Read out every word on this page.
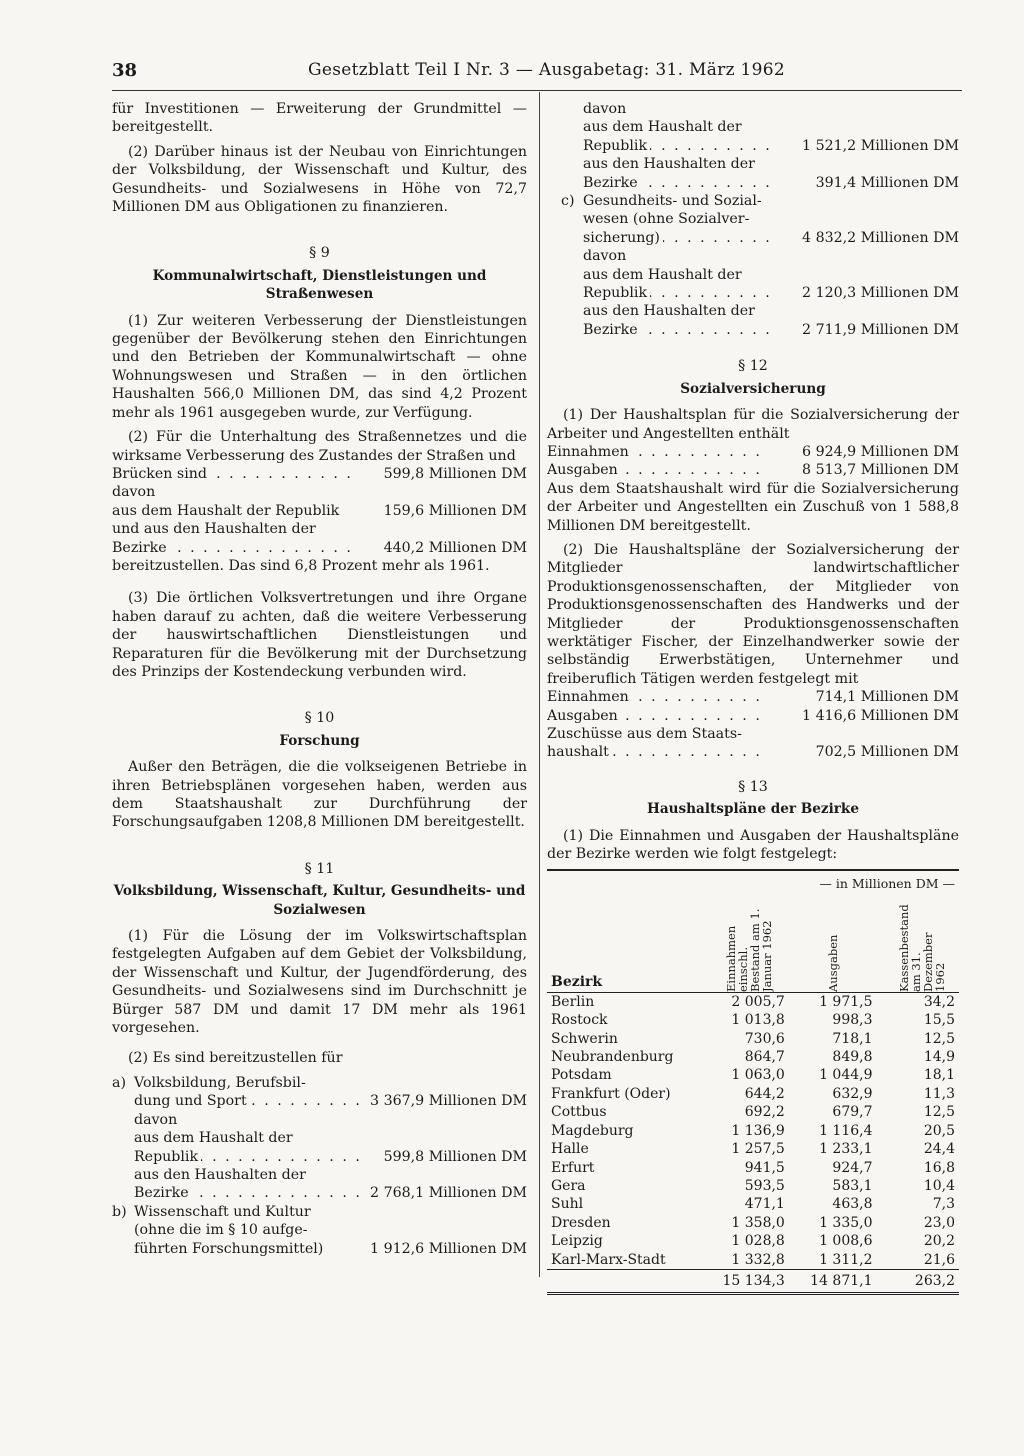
38	Gesetzblatt Teil I Nr. 3 — Ausgabetag: 31. März 1962

für Investitionen — Erweiterung der Grundmittel — bereitgestellt.

(2) Darüber hinaus ist der Neubau von Einrichtungen der Volksbildung, der Wissenschaft und Kultur, des Gesundheits- und Sozialwesens in Höhe von 72,7 Millionen DM aus Obligationen zu finanzieren.

§ 9
Kommunalwirtschaft, Dienstleistungen und Straßenwesen

(1) Zur weiteren Verbesserung der Dienstleistungen gegenüber der Bevölkerung stehen den Einrichtungen und den Betrieben der Kommunalwirtschaft — ohne Wohnungswesen und Straßen — in den örtlichen Haushalten 566,0 Millionen DM, das sind 4,2 Prozent mehr als 1961 ausgegeben wurde, zur Verfügung.

(2) Für die Unterhaltung des Straßennetzes und die wirksame Verbesserung des Zustandes der Straßen und

Brücken sind . . .	599,8 Millionen DM
davon
aus dem Haushalt der Republik	159,6 Millionen DM
und aus den Haushalten der
Bezirke . . .	440,2 Millionen DM

bereitzustellen. Das sind 6,8 Prozent mehr als 1961.

(3) Die örtlichen Volksvertretungen und ihre Organe haben darauf zu achten, daß die weitere Verbesserung der hauswirtschaftlichen Dienstleistungen und Reparaturen für die Bevölkerung mit der Durchsetzung des Prinzips der Kostendeckung verbunden wird.

§ 10
Forschung

Außer den Beträgen, die die volkseigenen Betriebe in ihren Betriebsplänen vorgesehen haben, werden aus dem Staatshaushalt zur Durchführung der Forschungsaufgaben 1208,8 Millionen DM bereitgestellt.

§ 11
Volksbildung, Wissenschaft, Kultur, Gesundheits- und Sozialwesen

(1) Für die Lösung der im Volkswirtschaftsplan festgelegten Aufgaben auf dem Gebiet der Volksbildung, der Wissenschaft und Kultur, der Jugendförderung, des Gesundheits- und Sozialwesens sind im Durchschnitt je Bürger 587 DM und damit 17 DM mehr als 1961 vorgesehen.

(2) Es sind bereitzustellen für

a) Volksbildung, Berufsbil-
dung und Sport . . .	3 367,9 Millionen DM
davon
aus dem Haushalt der
Republik . . .	599,8 Millionen DM
aus den Haushalten der
Bezirke . . .	2 768,1 Millionen DM
b) Wissenschaft und Kultur
(ohne die im § 10 aufge-
führten Forschungsmittel)	1 912,6 Millionen DM
davon
aus dem Haushalt der
Republik . . .	1 521,2 Millionen DM
aus den Haushalten der
Bezirke . . .	391,4 Millionen DM
c) Gesundheits- und Sozial-
wesen (ohne Sozialver-
sicherung) . . .	4 832,2 Millionen DM
davon
aus dem Haushalt der
Republik . . .	2 120,3 Millionen DM
aus den Haushalten der
Bezirke . . .	2 711,9 Millionen DM
§ 12
Sozialversicherung

(1) Der Haushaltsplan für die Sozialversicherung der Arbeiter und Angestellten enthält

Einnahmen . . .	6 924,9 Millionen DM
Ausgaben . . .	8 513,7 Millionen DM

Aus dem Staatshaushalt wird für die Sozialversicherung der Arbeiter und Angestellten ein Zuschuß von 1 588,8 Millionen DM bereitgestellt.

(2) Die Haushaltspläne der Sozialversicherung der Mitglieder landwirtschaftlicher Produktionsgenossenschaften, der Mitglieder von Produktionsgenossenschaften des Handwerks und der Mitglieder der Produktionsgenossenschaften werktätiger Fischer, der Einzelhandwerker sowie der selbständig Erwerbstätigen, Unternehmer und freiberuflich Tätigen werden festgelegt mit

Einnahmen . . .	714,1 Millionen DM
Ausgaben . . .	1 416,6 Millionen DM
Zuschüsse aus dem Staats-
haushalt . . .	702,5 Millionen DM
§ 13
Haushaltspläne der Bezirke

(1) Die Einnahmen und Ausgaben der Haushaltspläne der Bezirke werden wie folgt festgelegt:

	— in Millionen DM —		
Bezirk	Einnahmen einschl. Bestand am 1. Januar 1962	Ausgaben	Kassenbestand am 31. Dezember 1962

Berlin	2 005,7	1 971,5	34,2
Rostock	1 013,8	998,3	15,5
Schwerin	730,6	718,1	12,5
Neubrandenburg	864,7	849,8	14,9
Potsdam	1 063,0	1 044,9	18,1
Frankfurt (Oder)	644,2	632,9	11,3
Cottbus	692,2	679,7	12,5
Magdeburg	1 136,9	1 116,4	20,5
Halle	1 257,5	1 233,1	24,4
Erfurt	941,5	924,7	16,8
Gera	593,5	583,1	10,4
Suhl	471,1	463,8	7,3
Dresden	1 358,0	1 335,0	23,0
Leipzig	1 028,8	1 008,6	20,2
Karl-Marx-Stadt	1 332,8	1 311,2	21,6
	15 134,3	14 871,1	263,2
